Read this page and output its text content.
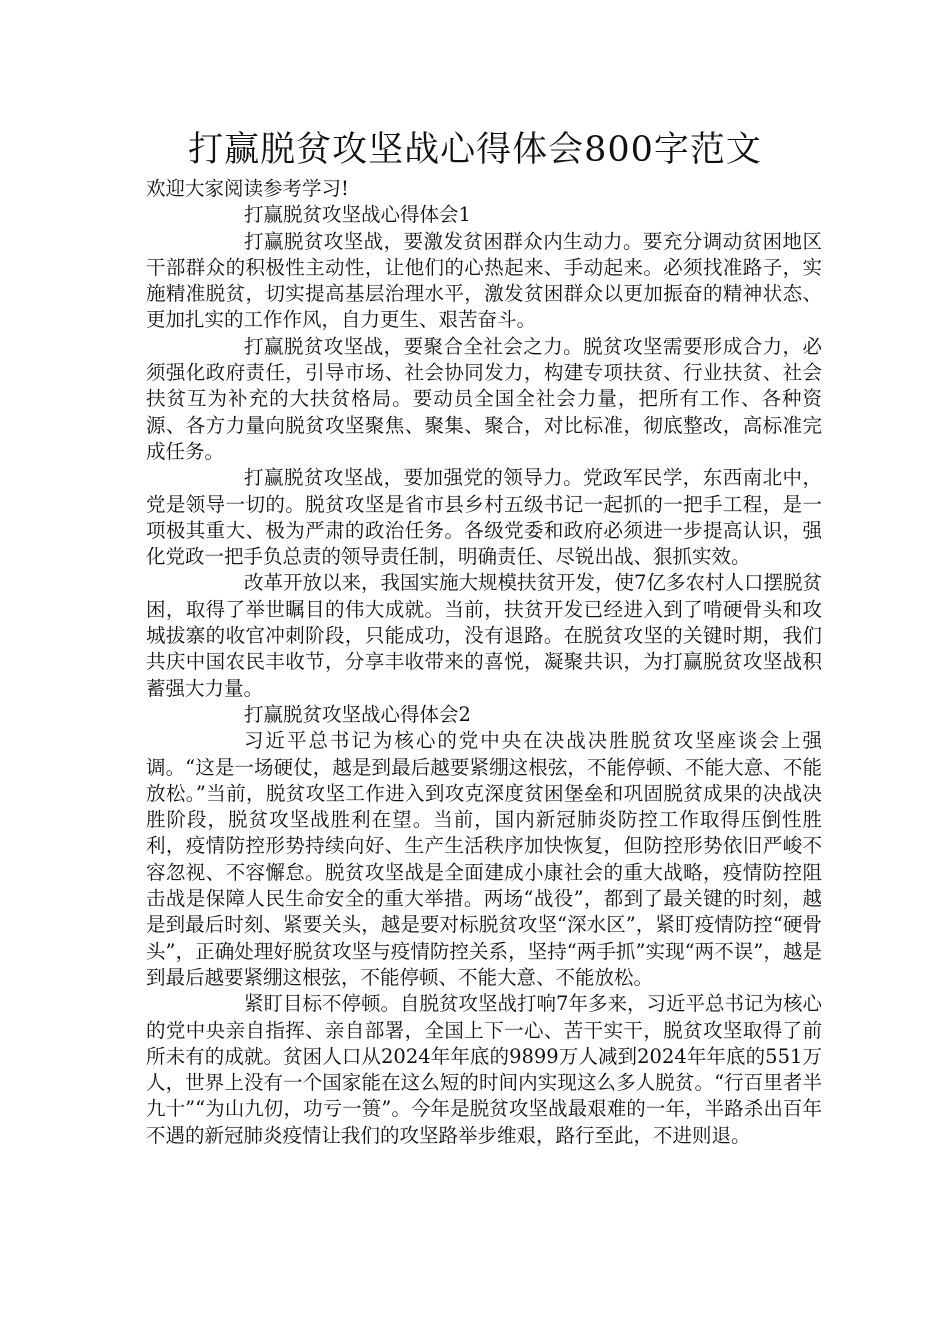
打赢脱贫攻坚战心得体会800字范文

欢迎大家阅读参考学习!

打赢脱贫攻坚战心得体会1

打赢脱贫攻坚战，要激发贫困群众内生动力。要充分调动贫困地区干部群众的积极性主动性，让他们的心热起来、手动起来。必须找准路子，实施精准脱贫，切实提高基层治理水平，激发贫困群众以更加振奋的精神状态、更加扎实的工作作风，自力更生、艰苦奋斗。

打赢脱贫攻坚战，要聚合全社会之力。脱贫攻坚需要形成合力，必须强化政府责任，引导市场、社会协同发力，构建专项扶贫、行业扶贫、社会扶贫互为补充的大扶贫格局。要动员全国全社会力量，把所有工作、各种资源、各方力量向脱贫攻坚聚焦、聚集、聚合，对比标准，彻底整改，高标准完成任务。

打赢脱贫攻坚战，要加强党的领导力。党政军民学，东西南北中，党是领导一切的。脱贫攻坚是省市县乡村五级书记一起抓的一把手工程，是一项极其重大、极为严肃的政治任务。各级党委和政府必须进一步提高认识，强化党政一把手负总责的领导责任制，明确责任、尽锐出战、狠抓实效。

改革开放以来，我国实施大规模扶贫开发，使7亿多农村人口摆脱贫困，取得了举世瞩目的伟大成就。当前，扶贫开发已经进入到了啃硬骨头和攻城拔寨的收官冲刺阶段，只能成功，没有退路。在脱贫攻坚的关键时期，我们共庆中国农民丰收节，分享丰收带来的喜悦，凝聚共识，为打赢脱贫攻坚战积蓄强大力量。

打赢脱贫攻坚战心得体会2

习近平总书记为核心的党中央在决战决胜脱贫攻坚座谈会上强调。“这是一场硬仗，越是到最后越要紧绷这根弦，不能停顿、不能大意、不能放松。”当前，脱贫攻坚工作进入到攻克深度贫困堡垒和巩固脱贫成果的决战决胜阶段，脱贫攻坚战胜利在望。当前，国内新冠肺炎防控工作取得压倒性胜利，疫情防控形势持续向好、生产生活秩序加快恢复，但防控形势依旧严峻不容忽视、不容懈怠。脱贫攻坚战是全面建成小康社会的重大战略，疫情防控阻击战是保障人民生命安全的重大举措。两场“战役”，都到了最关键的时刻，越是到最后时刻、紧要关头，越是要对标脱贫攻坚“深水区”，紧盯疫情防控“硬骨头”，正确处理好脱贫攻坚与疫情防控关系，坚持“两手抓”实现“两不误”，越是到最后越要紧绷这根弦，不能停顿、不能大意、不能放松。

紧盯目标不停顿。自脱贫攻坚战打响7年多来，习近平总书记为核心的党中央亲自指挥、亲自部署，全国上下一心、苦干实干，脱贫攻坚取得了前所未有的成就。贫困人口从2024年年底的9899万人减到2024年年底的551万人，世界上没有一个国家能在这么短的时间内实现这么多人脱贫。“行百里者半九十”“为山九仞，功亏一篑”。今年是脱贫攻坚战最艰难的一年，半路杀出百年不遇的新冠肺炎疫情让我们的攻坚路举步维艰，路行至此，不进则退。
